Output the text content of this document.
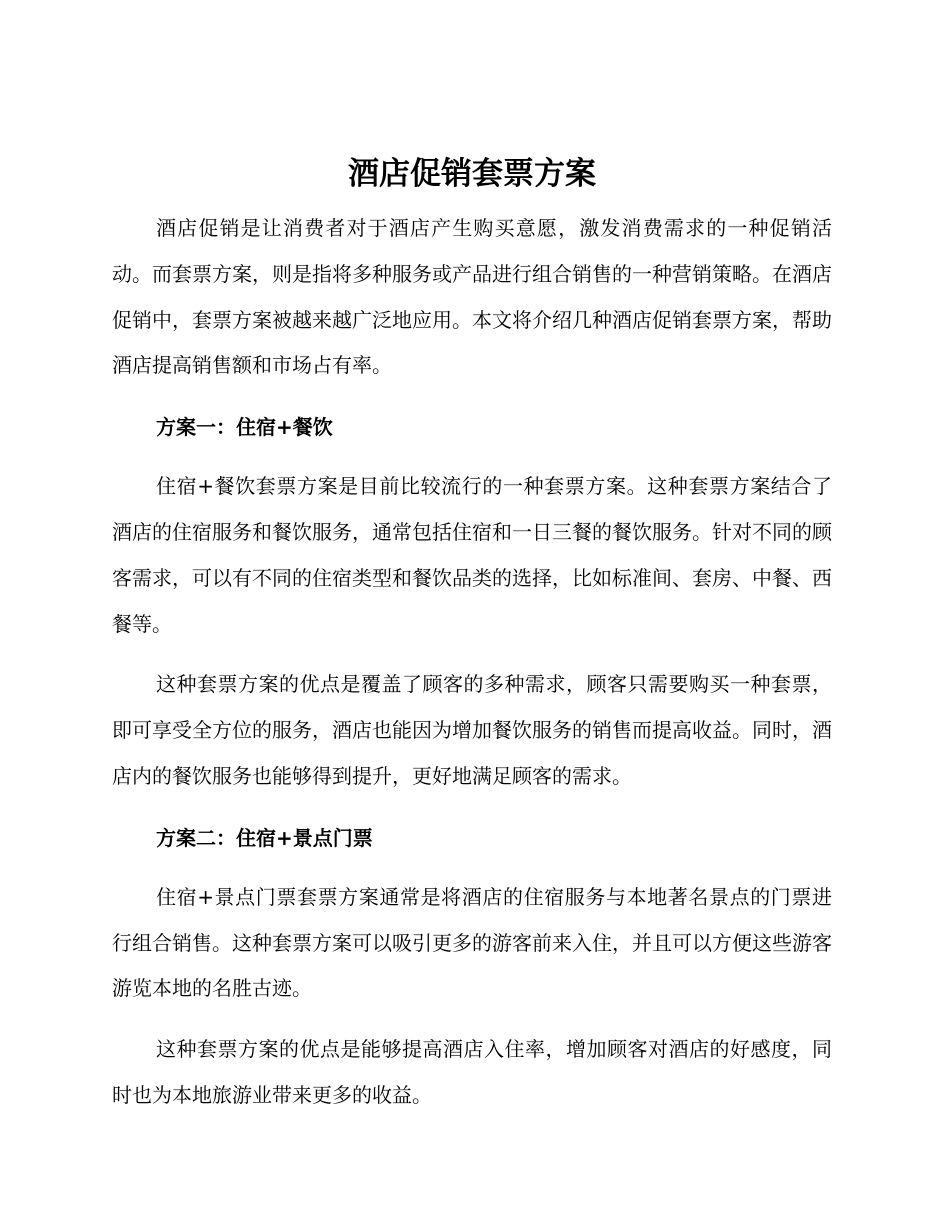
酒店促销套票方案

酒店促销是让消费者对于酒店产生购买意愿，激发消费需求的一种促销活动。而套票方案，则是指将多种服务或产品进行组合销售的一种营销策略。在酒店促销中，套票方案被越来越广泛地应用。本文将介绍几种酒店促销套票方案，帮助酒店提高销售额和市场占有率。

方案一：住宿+餐饮

住宿+餐饮套票方案是目前比较流行的一种套票方案。这种套票方案结合了酒店的住宿服务和餐饮服务，通常包括住宿和一日三餐的餐饮服务。针对不同的顾客需求，可以有不同的住宿类型和餐饮品类的选择，比如标准间、套房、中餐、西餐等。

这种套票方案的优点是覆盖了顾客的多种需求，顾客只需要购买一种套票，即可享受全方位的服务，酒店也能因为增加餐饮服务的销售而提高收益。同时，酒店内的餐饮服务也能够得到提升，更好地满足顾客的需求。

方案二：住宿+景点门票

住宿+景点门票套票方案通常是将酒店的住宿服务与本地著名景点的门票进行组合销售。这种套票方案可以吸引更多的游客前来入住，并且可以方便这些游客游览本地的名胜古迹。

这种套票方案的优点是能够提高酒店入住率，增加顾客对酒店的好感度，同时也为本地旅游业带来更多的收益。
